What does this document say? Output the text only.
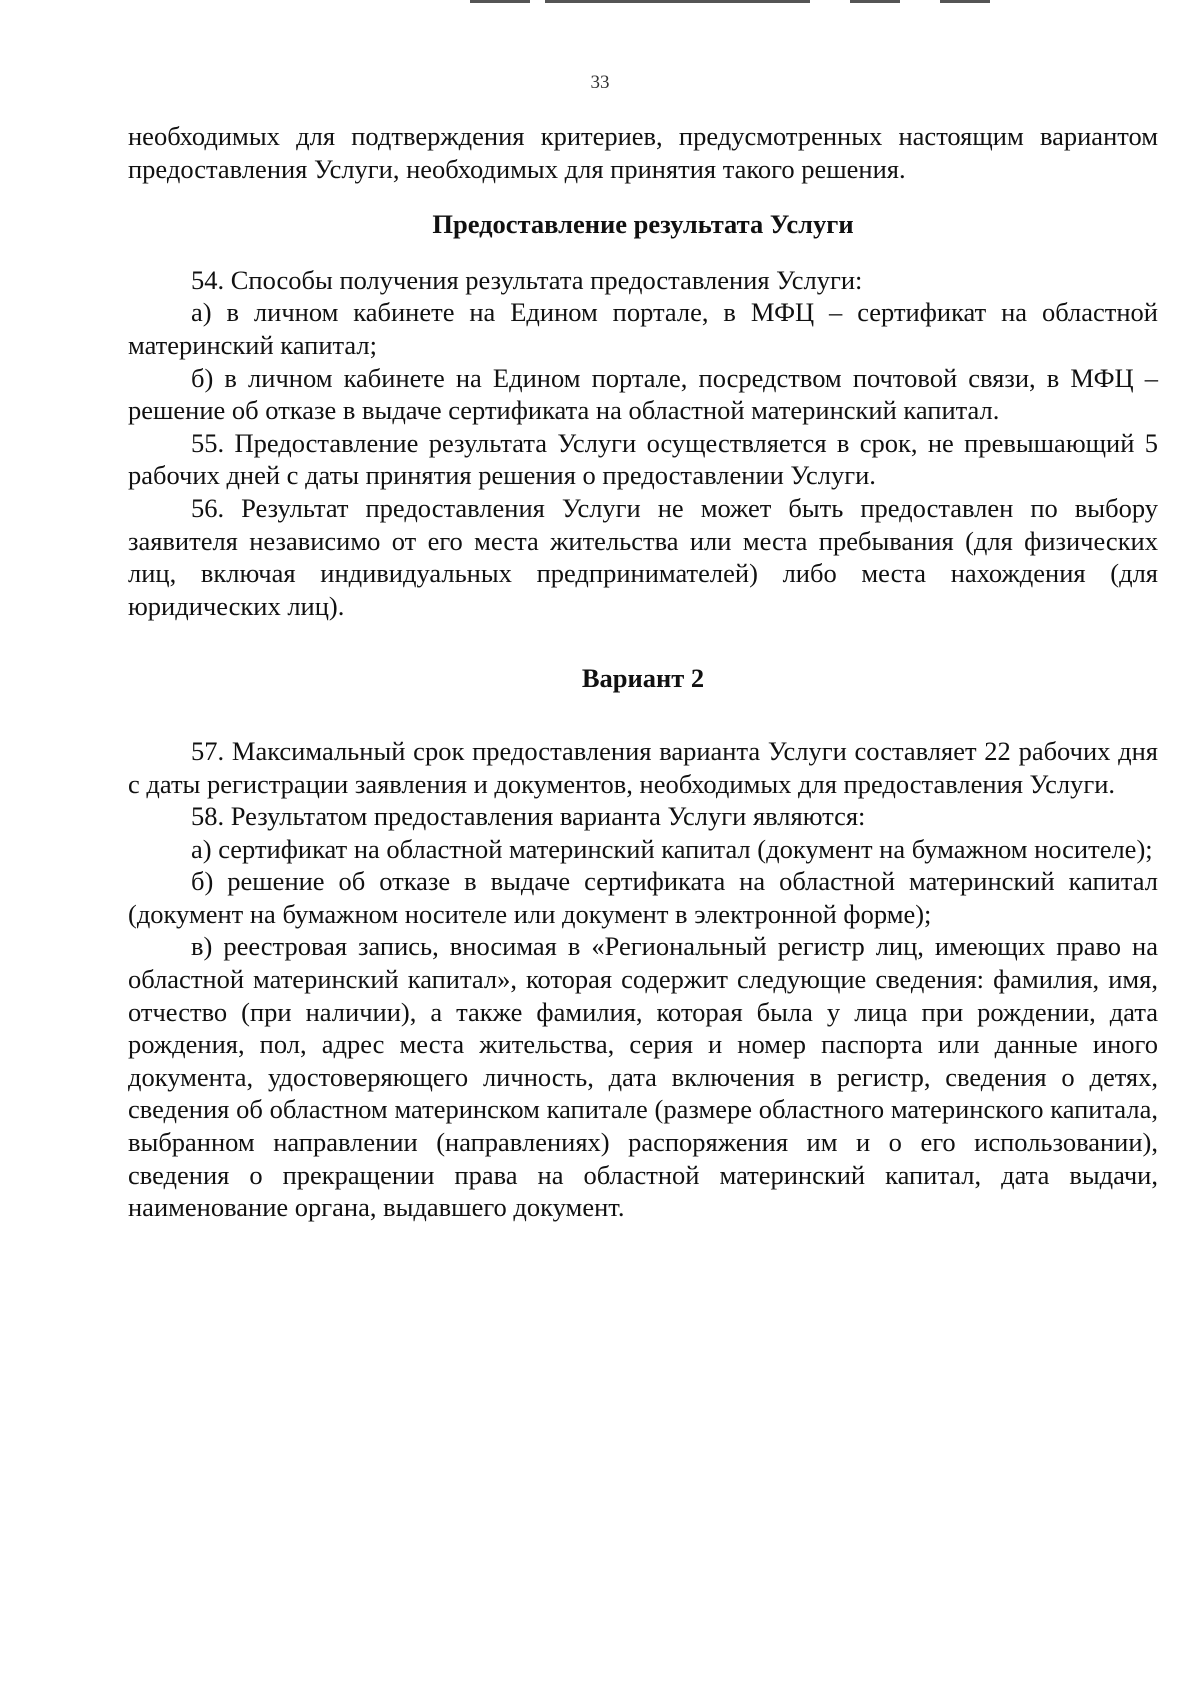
33

необходимых для подтверждения критериев, предусмотренных настоящим вариантом предоставления Услуги, необходимых для принятия такого решения.

Предоставление результата Услуги

54. Способы получения результата предоставления Услуги:

а) в личном кабинете на Едином портале, в МФЦ – сертификат на областной материнский капитал;

б) в личном кабинете на Едином портале, посредством почтовой связи, в МФЦ – решение об отказе в выдаче сертификата на областной материнский капитал.

55. Предоставление результата Услуги осуществляется в срок, не превышающий 5 рабочих дней с даты принятия решения о предоставлении Услуги.

56. Результат предоставления Услуги не может быть предоставлен по выбору заявителя независимо от его места жительства или места пребывания (для физических лиц, включая индивидуальных предпринимателей) либо места нахождения (для юридических лиц).

Вариант 2

57. Максимальный срок предоставления варианта Услуги составляет 22 рабочих дня с даты регистрации заявления и документов, необходимых для предоставления Услуги.

58. Результатом предоставления варианта Услуги являются:

а) сертификат на областной материнский капитал (документ на бумажном носителе);

б) решение об отказе в выдаче сертификата на областной материнский капитал (документ на бумажном носителе или документ в электронной форме);

в) реестровая запись, вносимая в «Региональный регистр лиц, имеющих право на областной материнский капитал», которая содержит следующие сведения: фамилия, имя, отчество (при наличии), а также фамилия, которая была у лица при рождении, дата рождения, пол, адрес места жительства, серия и номер паспорта или данные иного документа, удостоверяющего личность, дата включения в регистр, сведения о детях, сведения об областном материнском капитале (размере областного материнского капитала, выбранном направлении (направлениях) распоряжения им и о его использовании), сведения о прекращении права на областной материнский капитал, дата выдачи, наименование органа, выдавшего документ.
